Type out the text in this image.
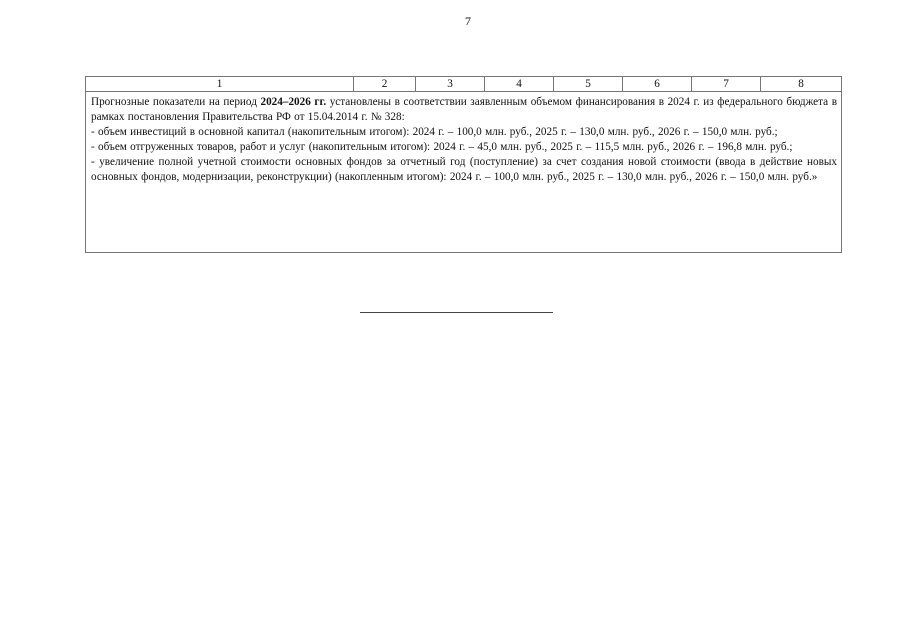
7
1	2	3	4	5	6	7	8

Прогнозные показатели на период 2024–2026 гг. установлены в соответствии заявленным объемом финансирования в 2024 г. из федерального бюджета в рамках постановления Правительства РФ от 15.04.2014 г. № 328:

- объем инвестиций в основной капитал (накопительным итогом): 2024 г. – 100,0 млн. руб., 2025 г. – 130,0 млн. руб., 2026 г. – 150,0 млн. руб.;

- объем отгруженных товаров, работ и услуг (накопительным итогом): 2024 г. – 45,0 млн. руб., 2025 г. – 115,5 млн. руб., 2026 г. – 196,8 млн. руб.;

- увеличение полной учетной стоимости основных фондов за отчетный год (поступление) за счет создания новой стоимости (ввода в действие новых основных фондов, модернизации, реконструкции) (накопленным итогом): 2024 г. – 100,0 млн. руб., 2025 г. – 130,0 млн. руб., 2026 г. – 150,0 млн. руб.»
